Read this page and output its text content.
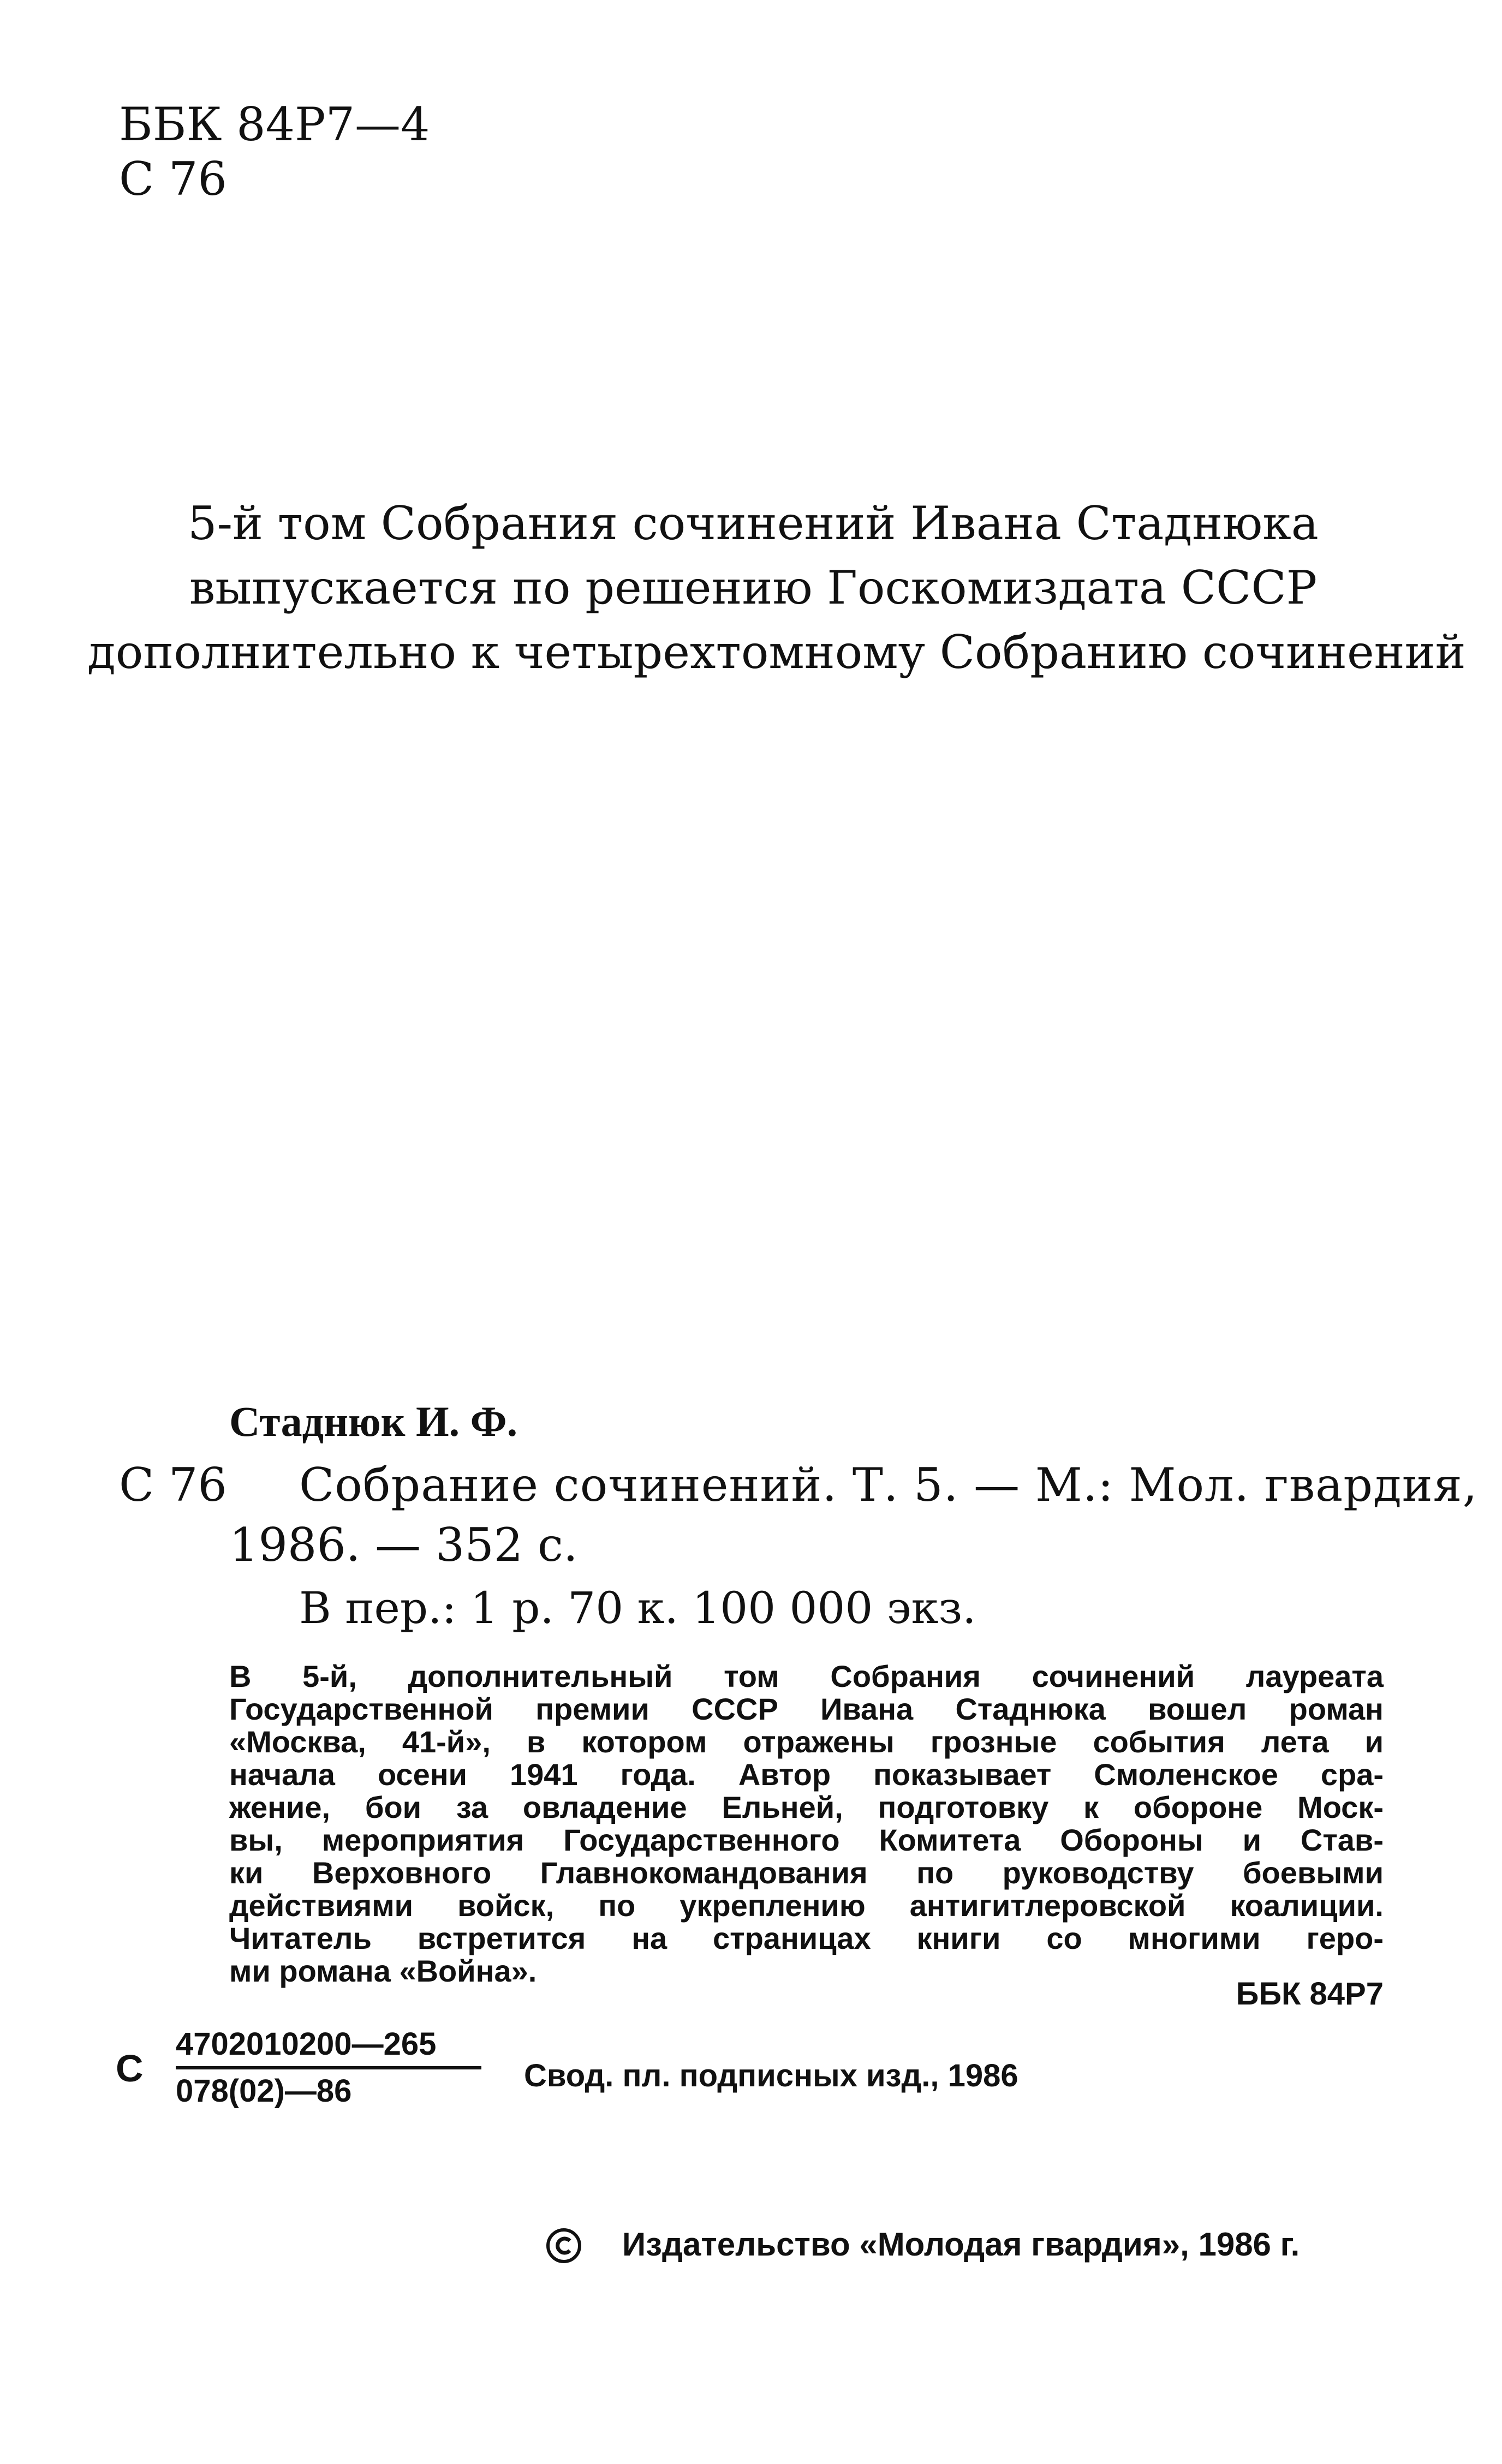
ББК 84Р7—4
С 76
5-й том Собрания сочинений Ивана Стаднюка
выпускается по решению Госкомиздата СССР
дополнительно к четырехтомному Собранию сочинений
Стаднюк И. Ф.
С 76 Собрание сочинений. Т. 5. — М.: Мол. гвардия,
1986. — 352 с.
В пер.: 1 р. 70 к. 100 000 экз.
В 5-й, дополнительный том Собрания сочинений лауреата
Государственной премии СССР Ивана Стаднюка вошел роман
«Москва, 41-й», в котором отражены грозные события лета и
начала осени 1941 года. Автор показывает Смоленское сра-
жение, бои за овладение Ельней, подготовку к обороне Моск-
вы, мероприятия Государственного Комитета Обороны и Став-
ки Верховного Главнокомандования по руководству боевыми
действиями войск, по укреплению антигитлеровской коалиции.
Читатель встретится на страницах книги со многими геро-
ми романа «Война».
ББК 84Р7
С
4702010200—265
078(02)—86	Свод. пл. подписных изд., 1986
Издательство «Молодая гвардия», 1986 г.
